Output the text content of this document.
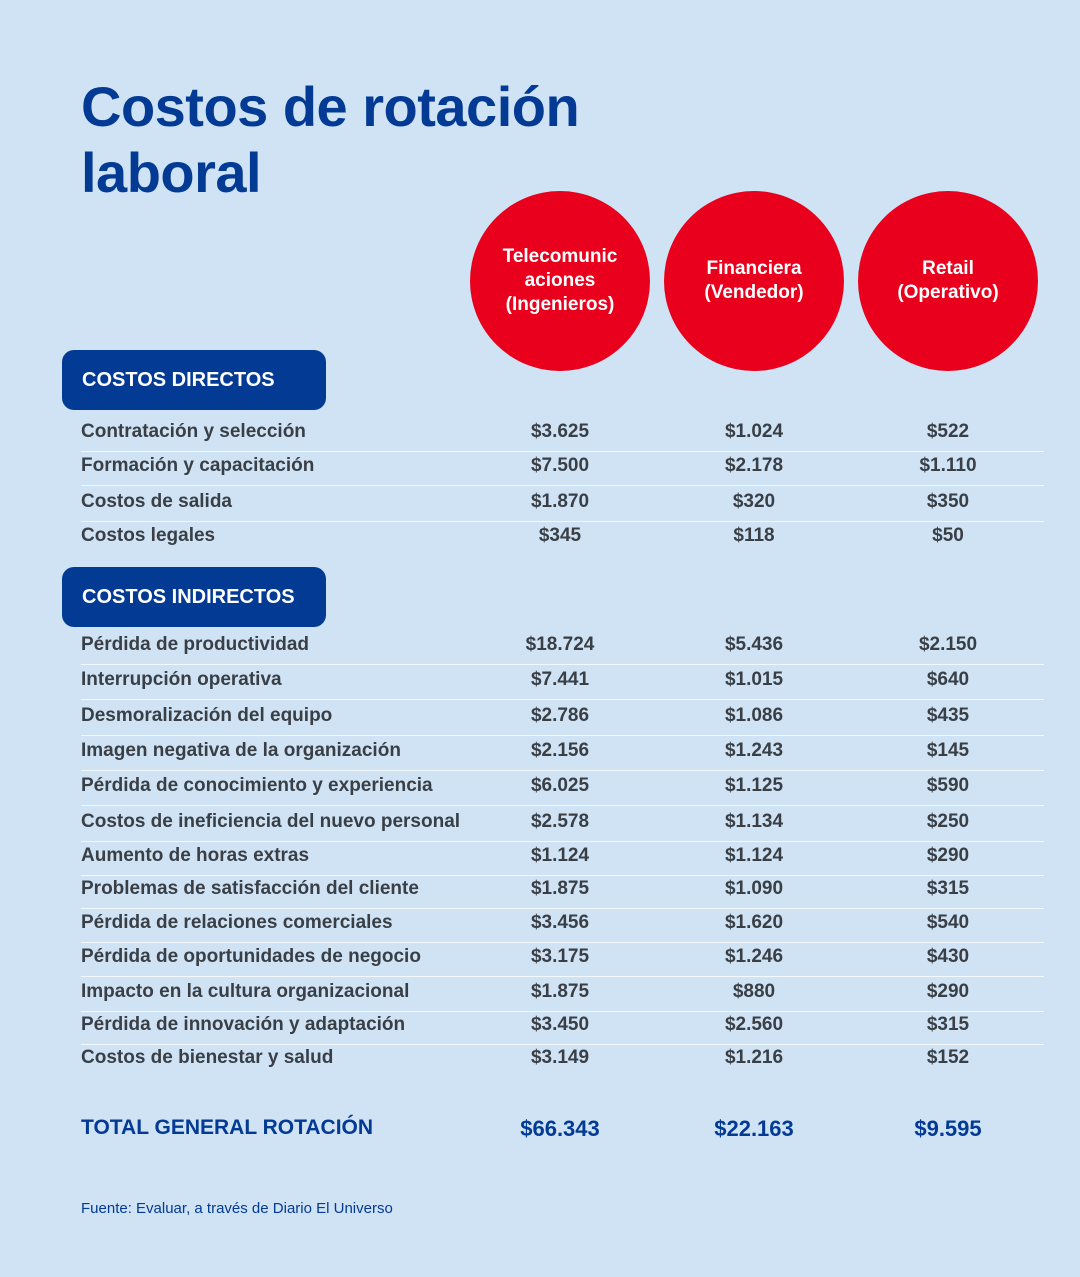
Costos de rotación laboral
Telecomunic
aciones
(Ingenieros)
Financiera
(Vendedor)
Retail
(Operativo)
COSTOS DIRECTOS
Contratación y selección	$3.625	$1.024	$522
Formación y capacitación	$7.500	$2.178	$1.110
Costos de salida	$1.870	$320	$350
Costos legales	$345	$118	$50
COSTOS INDIRECTOS
Pérdida de productividad	$18.724	$5.436	$2.150
Interrupción operativa	$7.441	$1.015	$640
Desmoralización del equipo	$2.786	$1.086	$435
Imagen negativa de la organización	$2.156	$1.243	$145
Pérdida de conocimiento y experiencia	$6.025	$1.125	$590
Costos de ineficiencia del nuevo personal	$2.578	$1.134	$250
Aumento de horas extras	$1.124	$1.124	$290
Problemas de satisfacción del cliente	$1.875	$1.090	$315
Pérdida de relaciones comerciales	$3.456	$1.620	$540
Pérdida de oportunidades de negocio	$3.175	$1.246	$430
Impacto en la cultura organizacional	$1.875	$880	$290
Pérdida de innovación y adaptación	$3.450	$2.560	$315
Costos de bienestar y salud	$3.149	$1.216	$152
TOTAL GENERAL ROTACIÓN	$66.343	$22.163	$9.595
Fuente: Evaluar, a través de Diario El Universo
